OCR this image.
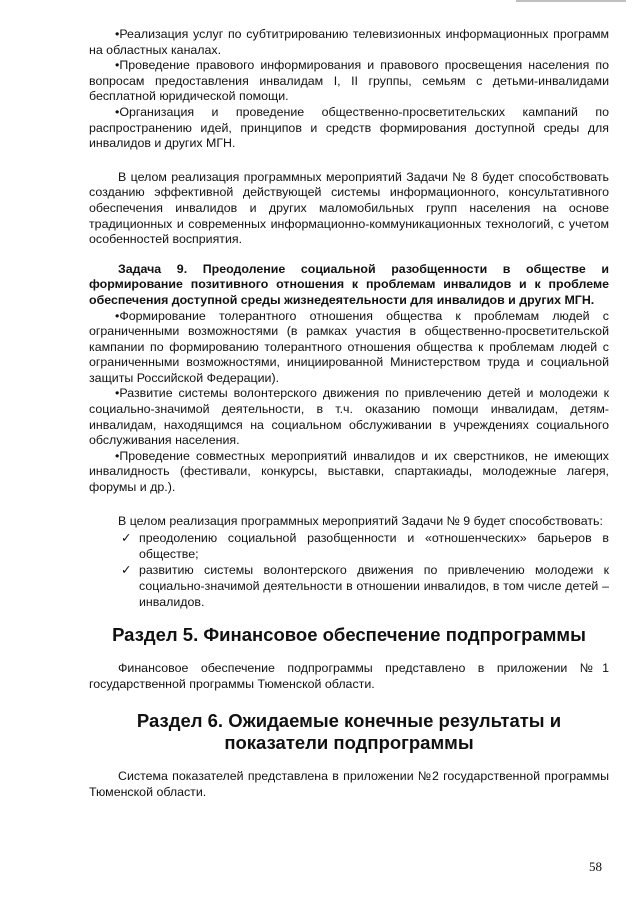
•Реализация услуг по субтитрированию телевизионных информационных программ на областных каналах.

•Проведение правового информирования и правового просвещения населения по вопросам предоставления инвалидам I, II группы, семьям с детьми-инвалидами бесплатной юридической помощи.

•Организация и проведение общественно-просветительских кампаний по распространению идей, принципов и средств формирования доступной среды для инвалидов и других МГН.

В целом реализация программных мероприятий Задачи № 8 будет способствовать созданию эффективной действующей системы информационного, консультативного обеспечения инвалидов и других маломобильных групп населения на основе традиционных и современных информационно-коммуникационных технологий, с учетом особенностей восприятия.

Задача 9. Преодоление социальной разобщенности в обществе и формирование позитивного отношения к проблемам инвалидов и к проблеме обеспечения доступной среды жизнедеятельности для инвалидов и других МГН.

•Формирование толерантного отношения общества к проблемам людей с ограниченными возможностями (в рамках участия в общественно-просветительской кампании по формированию толерантного отношения общества к проблемам людей с ограниченными возможностями, инициированной Министерством труда и социальной защиты Российской Федерации).

•Развитие системы волонтерского движения по привлечению детей и молодежи к социально-значимой деятельности, в т.ч. оказанию помощи инвалидам, детям-инвалидам, находящимся на социальном обслуживании в учреждениях социального обслуживания населения.

•Проведение совместных мероприятий инвалидов и их сверстников, не имеющих инвалидность (фестивали, конкурсы, выставки, спартакиады, молодежные лагеря, форумы и др.).

В целом реализация программных мероприятий Задачи № 9 будет способствовать:

✓ преодолению социальной разобщенности и «отношенческих» барьеров в обществе;
✓ развитию системы волонтерского движения по привлечению молодежи к социально-значимой деятельности в отношении инвалидов, в том числе детей – инвалидов.
Раздел 5. Финансовое обеспечение подпрограммы

Финансовое обеспечение подпрограммы представлено в приложении №1 государственной программы Тюменской области.

Раздел 6. Ожидаемые конечные результаты и
показатели подпрограммы

Система показателей представлена в приложении №2 государственной программы Тюменской области.

58
